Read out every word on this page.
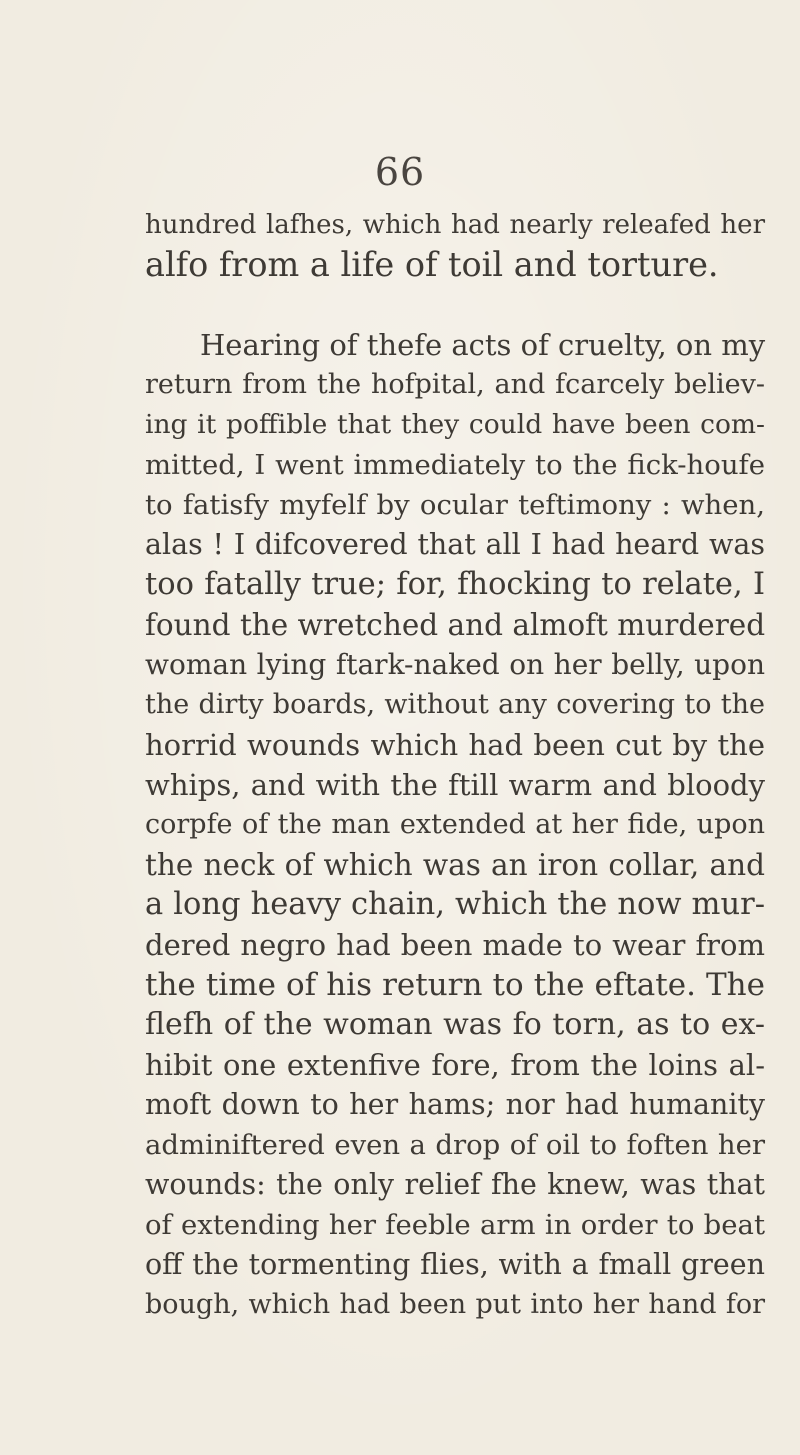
66
hundred lafhes, which had nearly releafed her
alfo from a life of toil and torture.
Hearing of thefe acts of cruelty, on my
return from the hofpital, and fcarcely believ-
ing it poffible that they could have been com-
mitted, I went immediately to the fick-houfe
to fatisfy myfelf by ocular teftimony : when,
alas ! I difcovered that all I had heard was
too fatally true; for, fhocking to relate, I
found the wretched and almoft murdered
woman lying ftark-naked on her belly, upon
the dirty boards, without any covering to the
horrid wounds which had been cut by the
whips, and with the ftill warm and bloody
corpfe of the man extended at her fide, upon
the neck of which was an iron collar, and
a long heavy chain, which the now mur-
dered negro had been made to wear from
the time of his return to the eftate. The
flefh of the woman was fo torn, as to ex-
hibit one extenfive fore, from the loins al-
moft down to her hams; nor had humanity
adminiftered even a drop of oil to foften her
wounds: the only relief fhe knew, was that
of extending her feeble arm in order to beat
off the tormenting flies, with a fmall green
bough, which had been put into her hand for
